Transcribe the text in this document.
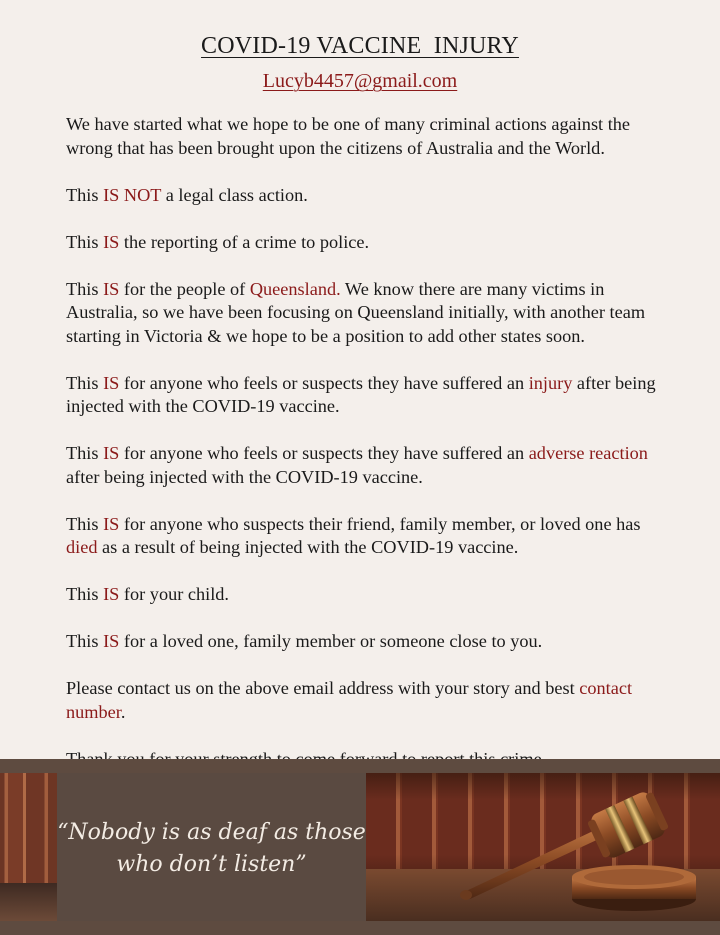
COVID-19 VACCINE  INJURY
Lucyb4457@gmail.com

We have started what we hope to be one of many criminal actions against the wrong that has been brought upon the citizens of Australia and the World.

This IS NOT a legal class action.

This IS the reporting of a crime to police.

This IS for the people of Queensland. We know there are many victims in Australia, so we have been focusing on Queensland initially, with another team starting in Victoria & we hope to be a position to add other states soon.

This IS for anyone who feels or suspects they have suffered an injury after being injected with the COVID-19 vaccine.

This IS for anyone who feels or suspects they have suffered an adverse reaction after being injected with the COVID-19 vaccine.

This IS for anyone who suspects their friend, family member, or loved one has died as a result of being injected with the COVID-19 vaccine.

This IS for your child.

This IS for a loved one, family member or someone close to you.

Please contact us on the above email address with your story and best contact number.

“Nobody is as deaf as those
who don’t listen”
